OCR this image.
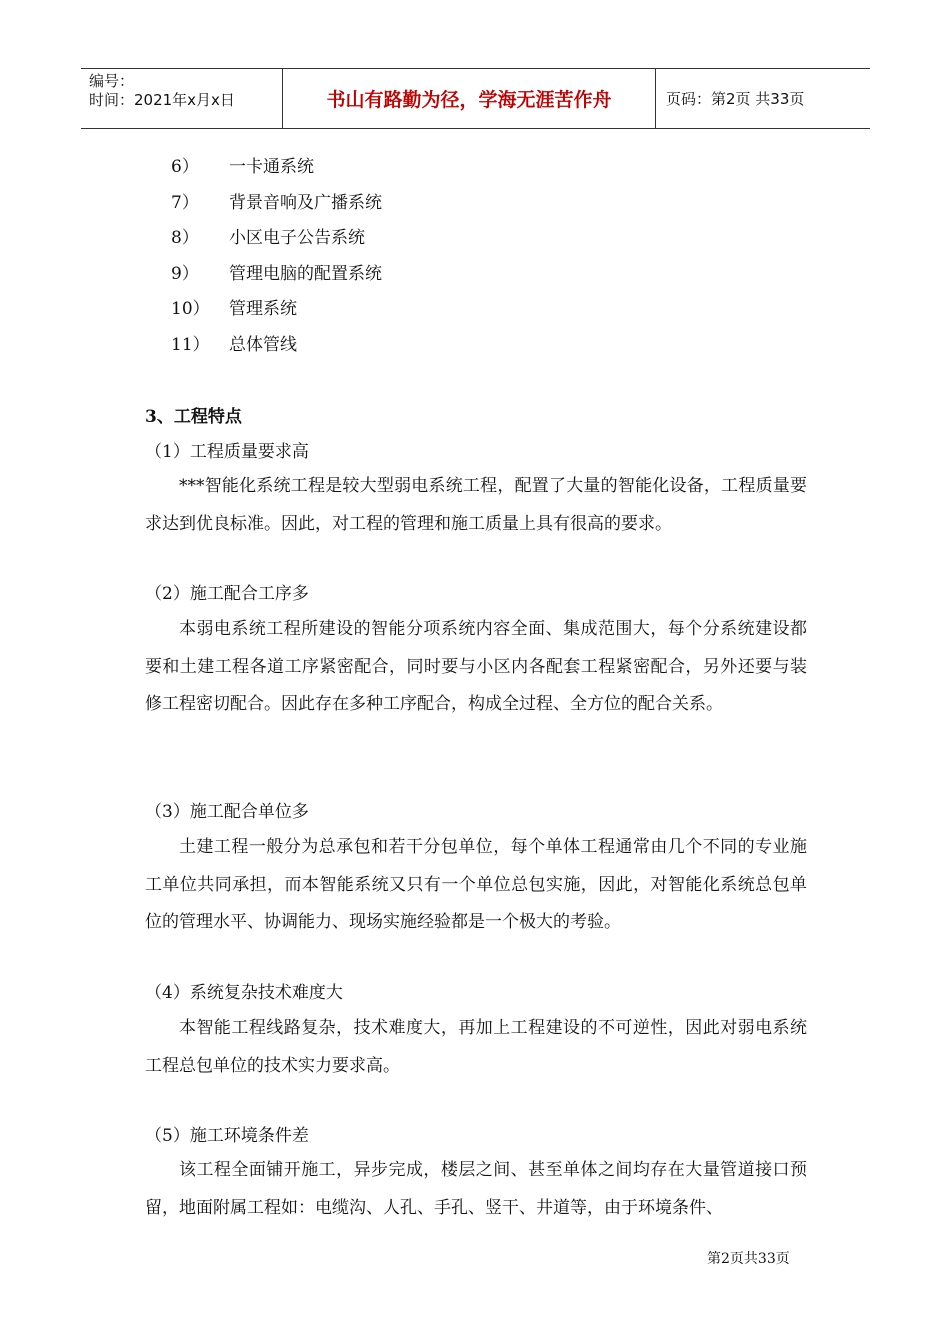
编号：
时间：2021年x月x日	书山有路勤为径，学海无涯苦作舟	页码：第2页 共33页
6） 一卡通系统
7） 背景音响及广播系统
8） 小区电子公告系统
9） 管理电脑的配置系统
10） 管理系统
11） 总体管线
3、工程特点
（1）工程质量要求高

***智能化系统工程是较大型弱电系统工程，配置了大量的智能化设备，工程质量要求达到优良标准。因此，对工程的管理和施工质量上具有很高的要求。

（2）施工配合工序多

本弱电系统工程所建设的智能分项系统内容全面、集成范围大，每个分系统建设都要和土建工程各道工序紧密配合，同时要与小区内各配套工程紧密配合，另外还要与装修工程密切配合。因此存在多种工序配合，构成全过程、全方位的配合关系。

（3）施工配合单位多

土建工程一般分为总承包和若干分包单位，每个单体工程通常由几个不同的专业施工单位共同承担，而本智能系统又只有一个单位总包实施，因此，对智能化系统总包单位的管理水平、协调能力、现场实施经验都是一个极大的考验。

（4）系统复杂技术难度大

本智能工程线路复杂，技术难度大，再加上工程建设的不可逆性，因此对弱电系统工程总包单位的技术实力要求高。

（5）施工环境条件差

该工程全面铺开施工，异步完成，楼层之间、甚至单体之间均存在大量管道接口预留，地面附属工程如：电缆沟、人孔、手孔、竖干、井道等，由于环境条件、

第2页共33页
